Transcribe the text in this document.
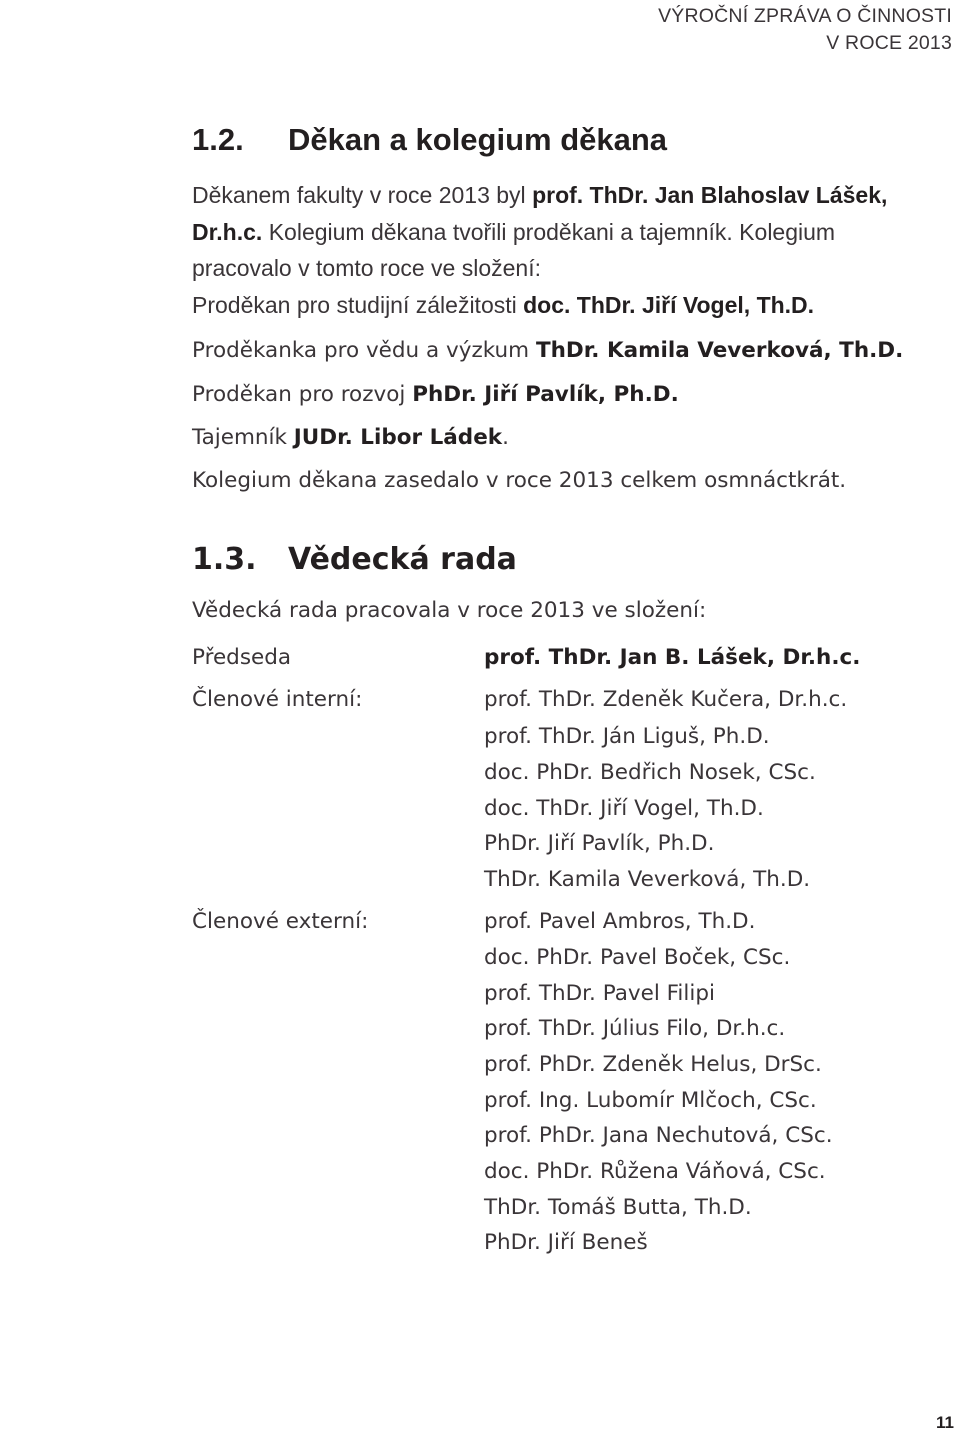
VÝROČNÍ ZPRÁVA O ČINNOSTI
V ROCE 2013
1.2. Děkan a kolegium děkana

Děkanem fakulty v roce 2013 byl prof. ThDr. Jan Blahoslav Lášek, Dr.h.c. Kolegium děkana tvořili proděkani a tajemník. Kolegium pracovalo v tomto roce ve složení:

Proděkan pro studijní záležitosti doc. ThDr. Jiří Vogel, Th.D.
Proděkanka pro vědu a výzkum ThDr. Kamila Veverková, Th.D.
Proděkan pro rozvoj PhDr. Jiří Pavlík, Ph.D.
Tajemník JUDr. Libor Ládek.
Kolegium děkana zasedalo v roce 2013 celkem osmnáctkrát.
1.3. Vědecká rada
Vědecká rada pracovala v roce 2013 ve složení:
Předseda	prof. ThDr. Jan B. Lášek, Dr.h.c.
Členové interní:	prof. ThDr. Zdeněk Kučera, Dr.h.c.
prof. ThDr. Ján Liguš, Ph.D.
doc. PhDr. Bedřich Nosek, CSc.
doc. ThDr. Jiří Vogel, Th.D.
PhDr. Jiří Pavlík, Ph.D.
ThDr. Kamila Veverková, Th.D.
Členové externí:	prof. Pavel Ambros, Th.D.
doc. PhDr. Pavel Boček, CSc.
prof. ThDr. Pavel Filipi
prof. ThDr. Július Filo, Dr.h.c.
prof. PhDr. Zdeněk Helus, DrSc.
prof. Ing. Lubomír Mlčoch, CSc.
prof. PhDr. Jana Nechutová, CSc.
doc. PhDr. Růžena Váňová, CSc.
ThDr. Tomáš Butta, Th.D.
PhDr. Jiří Beneš
11
